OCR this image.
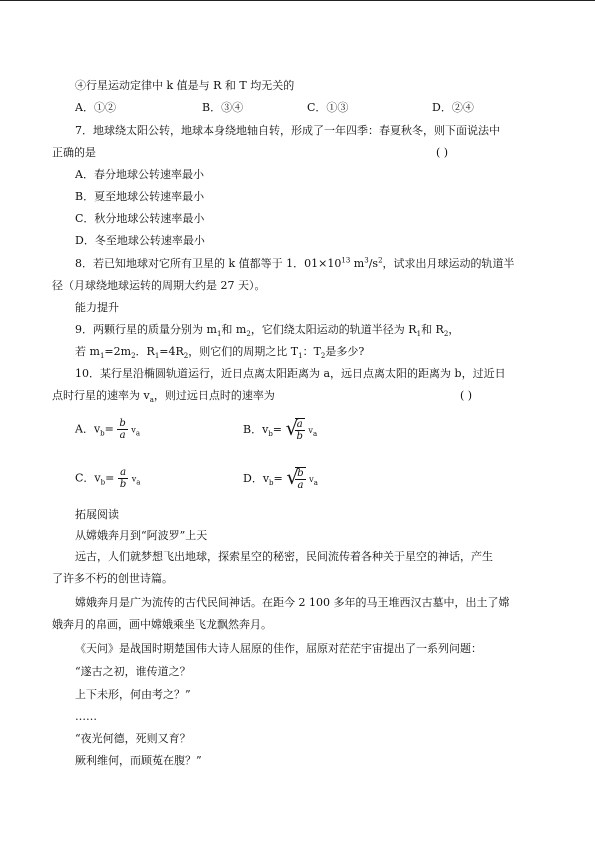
④行星运动定律中 k 值是与 R 和 T 均无关的
A．①②	B．③④	C．①③	D．②④
7．地球绕太阳公转，地球本身绕地轴自转，形成了一年四季：春夏秋冬，则下面说法中
正确的是	( )
A．春分地球公转速率最小
B．夏至地球公转速率最小
C．秋分地球公转速率最小
D．冬至地球公转速率最小
8．若已知地球对它所有卫星的 k 值都等于 1．$01\times 10^{13}$ $m^3/s^2$，试求出月球运动的轨道半
径（月球绕地球运转的周期大约是 27 天）。
能力提升
9．两颗行星的质量分别为 $m_1$和 $m_2$，它们绕太阳运动的轨道半径为 $R_1$和 $R_2$，
若 $m_1=2m_2$．$R_1=4R_2$，则它们的周期之比 $T_1$：$T_2$是多少?
10．某行星沿椭圆轨道运行，近日点离太阳距离为 a，远日点离太阳的距离为 b，过近日
点时行星的速率为 $v_a$，则过远日点时的速率为	( )
A．$v_b= \frac{b}{a} v_a$	B．$v_b=$ √
$\frac{a}{b} v_a$
C．$v_b= \frac{a}{b} v_a$	D．$v_b=$ √
$\frac{b}{a} v_a$
拓展阅读
从嫦娥奔月到“阿波罗”上天
远古，人们就梦想飞出地球，探索星空的秘密，民间流传着各种关于星空的神话，产生
了许多不朽的创世诗篇。
嫦娥奔月是广为流传的古代民间神话。在距今 2 100 多年的马王堆西汉古墓中，出土了嫦
娥奔月的帛画，画中嫦娥乘坐飞龙飘然奔月。
《天问》是战国时期楚国伟大诗人屈原的佳作，屈原对茫茫宇宙提出了一系列问题：
“遂古之初，谁传道之？
上下未形，何由考之？”
……
“夜光何德，死则又育？
厥利维何，而顾菟在腹？”
